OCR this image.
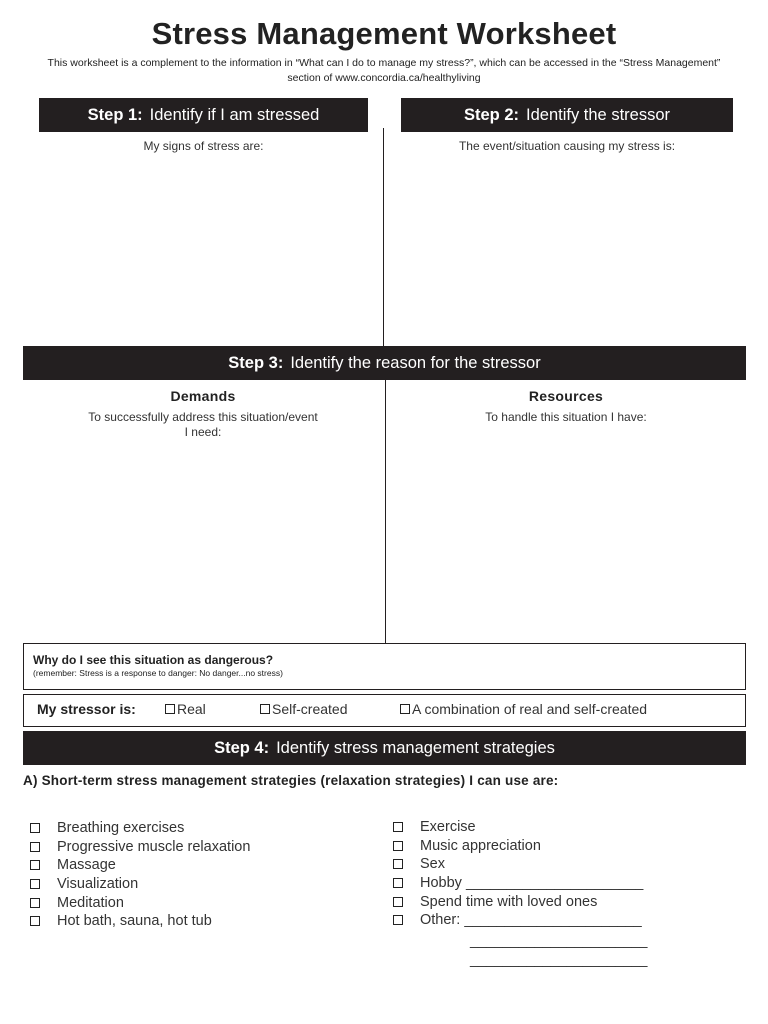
Stress Management Worksheet
This worksheet is a complement to the information in “What can I do to manage my stress?”, which can be accessed in the “Stress Management”
section of www.concordia.ca/healthyliving
Step 1: Identify if I am stressed
My signs of stress are:
Step 2: Identify the stressor
The event/situation causing my stress is:
Step 3: Identify the reason for the stressor
Demands
To successfully address this situation/event
I need:
Resources
To handle this situation I have:
Why do I see this situation as dangerous?
(remember: Stress is a response to danger: No danger...no stress)
My stressor is:	Real	Self-created	A combination of real and self-created
Step 4: Identify stress management strategies
A) Short-term stress management strategies (relaxation strategies) I can use are:
Breathing exercises
Progressive muscle relaxation
Massage
Visualization
Meditation
Hot bath, sauna, hot tub
Exercise
Music appreciation
Sex
Hobby ______________________
Spend time with loved ones
Other: ______________________
______________________
______________________
